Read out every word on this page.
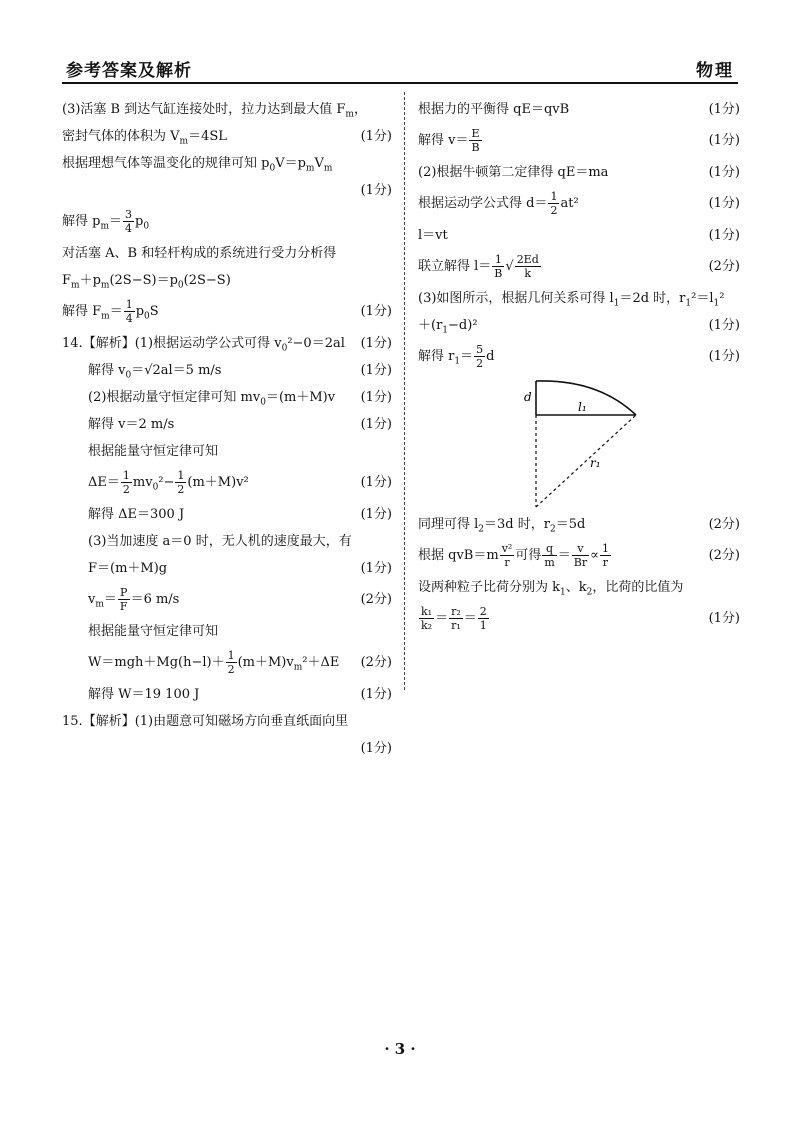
参考答案及解析	物理
(3)活塞 B 到达气缸连接处时，拉力达到最大值 $F_m$，
密封气体的体积为 $V_m=4SL$	(1分)
根据理想气体等温变化的规律可知 $p_0V=p_mV_m$
(1分)
解得 $p_m= \frac{3}{4} p_0$
对活塞 A、B 和轻杆构成的系统进行受力分析得
$F_m+p_m(2S-S)=p_0(2S-S)$
解得 $F_m= \frac{1}{4} p_0S$	(1分)
14.【解析】(1)根据运动学公式可得 $v_0^2-0=2al$ (1分)
解得 $v_0=√2al=5$ m/s	(1分)
(2)根据动量守恒定律可知 $mv_0=(m+M)v$ (1分)
解得 v＝2 m/s	(1分)
根据能量守恒定律可知
$\Delta E= \frac{1}{2} mv_0^2- \frac{1}{2} (m+M)v^2$	(1分)
解得 ΔE＝300 J	(1分)
(3)当加速度 a＝0 时，无人机的速度最大，有
F＝(m＋M)g	(1分)
$v_m= \frac{P}{F} =6$ m/s	(2分)
根据能量守恒定律可知
$W=mgh+Mg(h-l)+ \frac{1}{2} (m+M)v_m^2+\Delta E$ (2分)
解得 W＝19 100 J	(1分)
15.【解析】(1)由题意可知磁场方向垂直纸面向里
(1分)
根据力的平衡得 qE＝qvB	(1分)
解得 $v= \frac{E}{B}$	(1分)
(2)根据牛顿第二定律得 qE＝ma	(1分)
根据运动学公式得 $d= \frac{1}{2} at^2$	(1分)
l＝vt	(1分)
联立解得 $l= \frac{1}{B}$ √ $\frac{2Ed}{k}$	(2分)
(3)如图所示，根据几何关系可得 $l_1=2d$ 时，$r_1^2=l_1^2$
$+(r_1-d)^2$	(1分)
解得 $r_1= \frac{5}{2}$ d	(1分)
d
l₁
r₁
同理可得 $l_2=3d$ 时，$r_2=5d$	(2分)
根据 $qvB=m \frac{\text{v²}}{r}$ 可得 $\frac{q}{m} = \frac{v}{Br} \propto \frac{1}{r}$	(2分)
设两种粒子比荷分别为 $k_1$、$k_2$，比荷的比值为
$\frac{\text{k₁}}{\text{k₂}} = \frac{\text{r₂}}{\text{r₁}} = \frac{2}{1}$	(1分)
· 3 ·
